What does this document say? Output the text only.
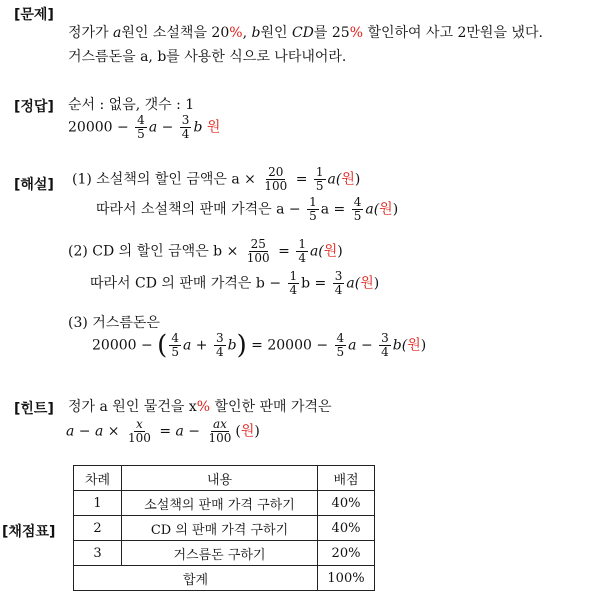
[문제]
[정답]
[해설]
[힌트]
[채점표]
정가가 a원인 소설책을 20%, b원인 CD를 25% 할인하여 사고 2만원을 냈다.
거스름돈을 a, b를 사용한 식으로 나타내어라.
순서 : 없음, 갯수 : 1
$20000 - \frac{4}{5}$ $a - \frac{3}{4}$ b 원
(1) 소설책의 할인 금액은 $a \times \frac{20}{100} = \frac{1}{5} a$(원)
따라서 소설책의 판매 가격은 $a - \frac{1}{5}$ $a = \frac{4}{5} a$(원)
(2) CD 의 할인 금액은 $b \times \frac{25}{100} = \frac{1}{4} a$(원)
따라서 CD 의 판매 가격은 $b - \frac{1}{4}$ $b = \frac{3}{4} a$(원)
(3) 거스름돈은
20000 − ( $\frac{4}{5}$ $a + \frac{3}{4} b) = 20000 - \frac{4}{5}$ $a - \frac{3}{4} b$(원)
정가 a 원인 물건을 x% 할인한 판매 가격은
$a - a \times \frac{x}{100} = a - \frac{ax}{100}$ (원)
차례	내용	배점
1	소설책의 판매 가격 구하기	40%
2	CD 의 판매 가격 구하기	40%
3	거스름돈 구하기	20%
합계		100%
